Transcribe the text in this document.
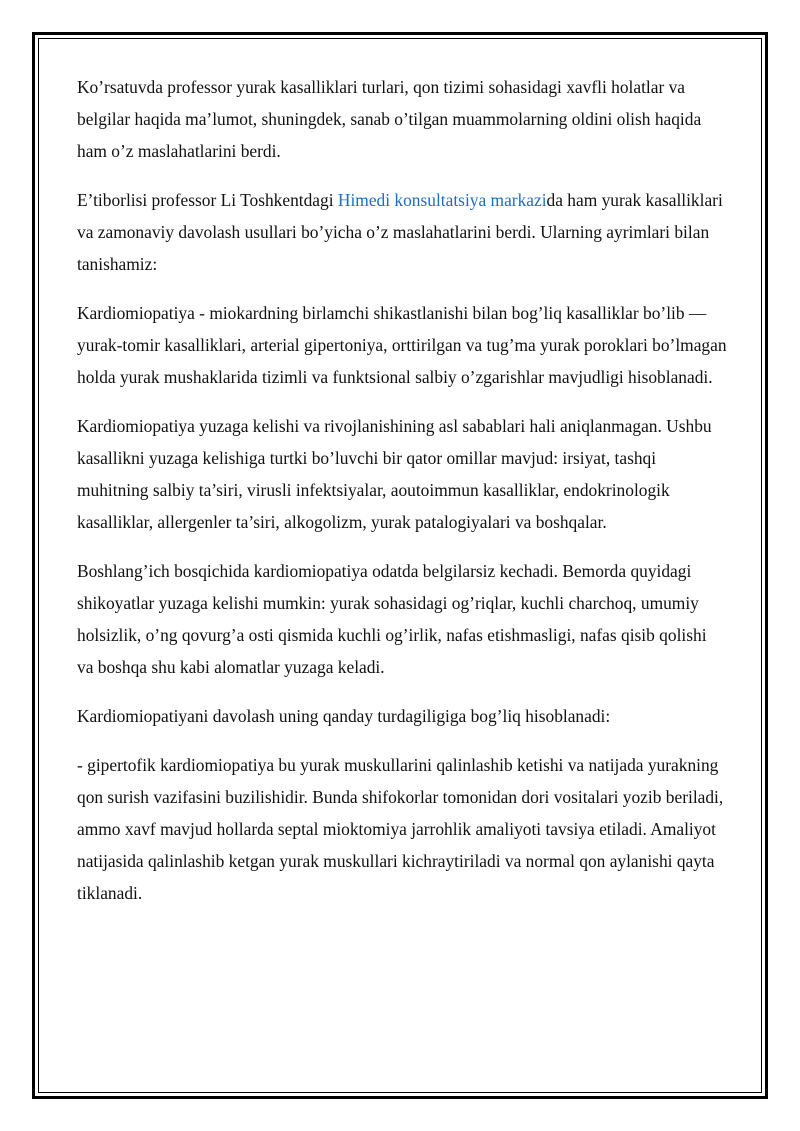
Ko’rsatuvda professor yurak kasalliklari turlari, qon tizimi sohasidagi xavfli holatlar va belgilar haqida ma’lumot, shuningdek, sanab o’tilgan muammolarning oldini olish haqida ham o’z maslahatlarini berdi.

E’tiborlisi professor Li Toshkentdagi Himedi konsultatsiya markazida ham yurak kasalliklari va zamonaviy davolash usullari bo’yicha o’z maslahatlarini berdi. Ularning ayrimlari bilan tanishamiz:

Kardiomiopatiya - miokardning birlamchi shikastlanishi bilan bog’liq kasalliklar bo’lib — yurak-tomir kasalliklari, arterial gipertoniya, orttirilgan va tug’ma yurak poroklari bo’lmagan holda yurak mushaklarida tizimli va funktsional salbiy o’zgarishlar mavjudligi hisoblanadi.

Kardiomiopatiya yuzaga kelishi va rivojlanishining asl sabablari hali aniqlanmagan. Ushbu kasallikni yuzaga kelishiga turtki bo’luvchi bir qator omillar mavjud: irsiyat, tashqi muhitning salbiy ta’siri, virusli infektsiyalar, aoutoimmun kasalliklar, endokrinologik kasalliklar, allergenler ta’siri, alkogolizm, yurak patalogiyalari va boshqalar.

Boshlang’ich bosqichida kardiomiopatiya odatda belgilarsiz kechadi. Bemorda quyidagi shikoyatlar yuzaga kelishi mumkin: yurak sohasidagi og’riqlar, kuchli charchoq, umumiy holsizlik, o’ng qovurg’a osti qismida kuchli og’irlik, nafas etishmasligi, nafas qisib qolishi va boshqa shu kabi alomatlar yuzaga keladi.

Kardiomiopatiyani davolash uning qanday turdagiligiga bog’liq hisoblanadi:

- gipertofik kardiomiopatiya bu yurak muskullarini qalinlashib ketishi va natijada yurakning qon surish vazifasini buzilishidir. Bunda shifokorlar tomonidan dori vositalari yozib beriladi, ammo xavf mavjud hollarda septal mioktomiya jarrohlik amaliyoti tavsiya etiladi. Amaliyot natijasida qalinlashib ketgan yurak muskullari kichraytiriladi va normal qon aylanishi qayta tiklanadi.
